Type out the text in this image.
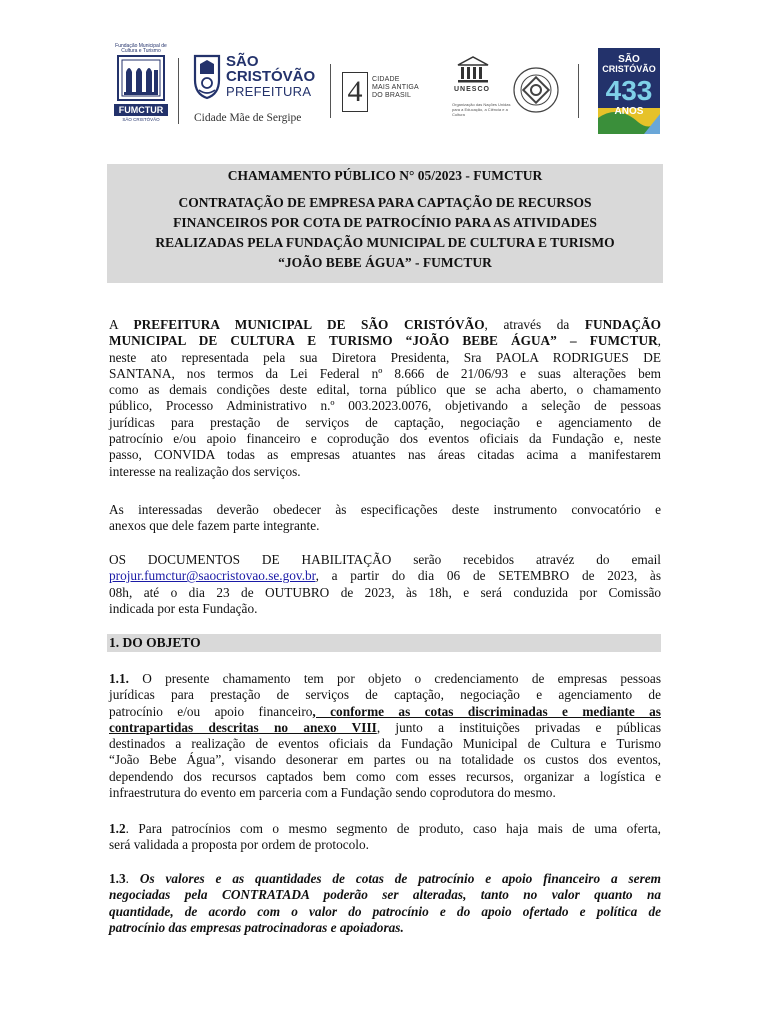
Fundação Municipal de Cultura e Turismo
FUMCTUR
SÃO CRISTÓVÃO
SÃO
CRISTÓVÃO
PREFEITURA
Cidade Mãe de Sergipe
4	CIDADE
MAIS ANTIGA
DO BRASIL
UNESCO
Organização das Nações Unidas para a Educação, a Ciência e a Cultura
SÃO
CRISTÓVÃO
433
ANOS
CHAMAMENTO PÚBLICO N° 05/2023 - FUMCTUR
CONTRATAÇÃO DE EMPRESA PARA CAPTAÇÃO DE RECURSOS
FINANCEIROS POR COTA DE PATROCÍNIO PARA AS ATIVIDADES
REALIZADAS PELA FUNDAÇÃO MUNICIPAL DE CULTURA E TURISMO
“JOÃO BEBE ÁGUA” - FUMCTUR
A PREFEITURA MUNICIPAL DE SÃO CRISTÓVÃO, através da FUNDAÇÃO
MUNICIPAL DE CULTURA E TURISMO “JOÃO BEBE ÁGUA” – FUMCTUR,
neste ato representada pela sua Diretora Presidenta, Sra PAOLA RODRIGUES DE
SANTANA, nos termos da Lei Federal nº 8.666 de 21/06/93 e suas alterações bem
como as demais condições deste edital, torna público que se acha aberto, o chamamento
público, Processo Administrativo n.º 003.2023.0076, objetivando a seleção de pessoas
jurídicas para prestação de serviços de captação, negociação e agenciamento de
patrocínio e/ou apoio financeiro e coprodução dos eventos oficiais da Fundação e, neste
passo, CONVIDA todas as empresas atuantes nas áreas citadas acima a manifestarem
interesse na realização dos serviços.
As interessadas deverão obedecer às especificações deste instrumento convocatório e
anexos que dele fazem parte integrante.
OS DOCUMENTOS DE HABILITAÇÃO serão recebidos atravéz do email
projur.fumctur@saocristovao.se.gov.br, a partir do dia 06 de SETEMBRO de 2023, às
08h, até o dia 23 de OUTUBRO de 2023, às 18h, e será conduzida por Comissão
indicada por esta Fundação.
1. DO OBJETO
1.1. O presente chamamento tem por objeto o credenciamento de empresas pessoas
jurídicas para prestação de serviços de captação, negociação e agenciamento de
patrocínio e/ou apoio financeiro, conforme as cotas discriminadas e mediante as
contrapartidas descritas no anexo VIII, junto a instituições privadas e públicas
destinados a realização de eventos oficiais da Fundação Municipal de Cultura e Turismo
“João Bebe Água”, visando desonerar em partes ou na totalidade os custos dos eventos,
dependendo dos recursos captados bem como com esses recursos, organizar a logística e
infraestrutura do evento em parceria com a Fundação sendo coprodutora do mesmo.
1.2. Para patrocínios com o mesmo segmento de produto, caso haja mais de uma oferta,
será validada a proposta por ordem de protocolo.
1.3. Os valores e as quantidades de cotas de patrocínio e apoio financeiro a serem
negociadas pela CONTRATADA poderão ser alteradas, tanto no valor quanto na
quantidade, de acordo com o valor do patrocínio e do apoio ofertado e política de
patrocínio das empresas patrocinadoras e apoiadoras.
